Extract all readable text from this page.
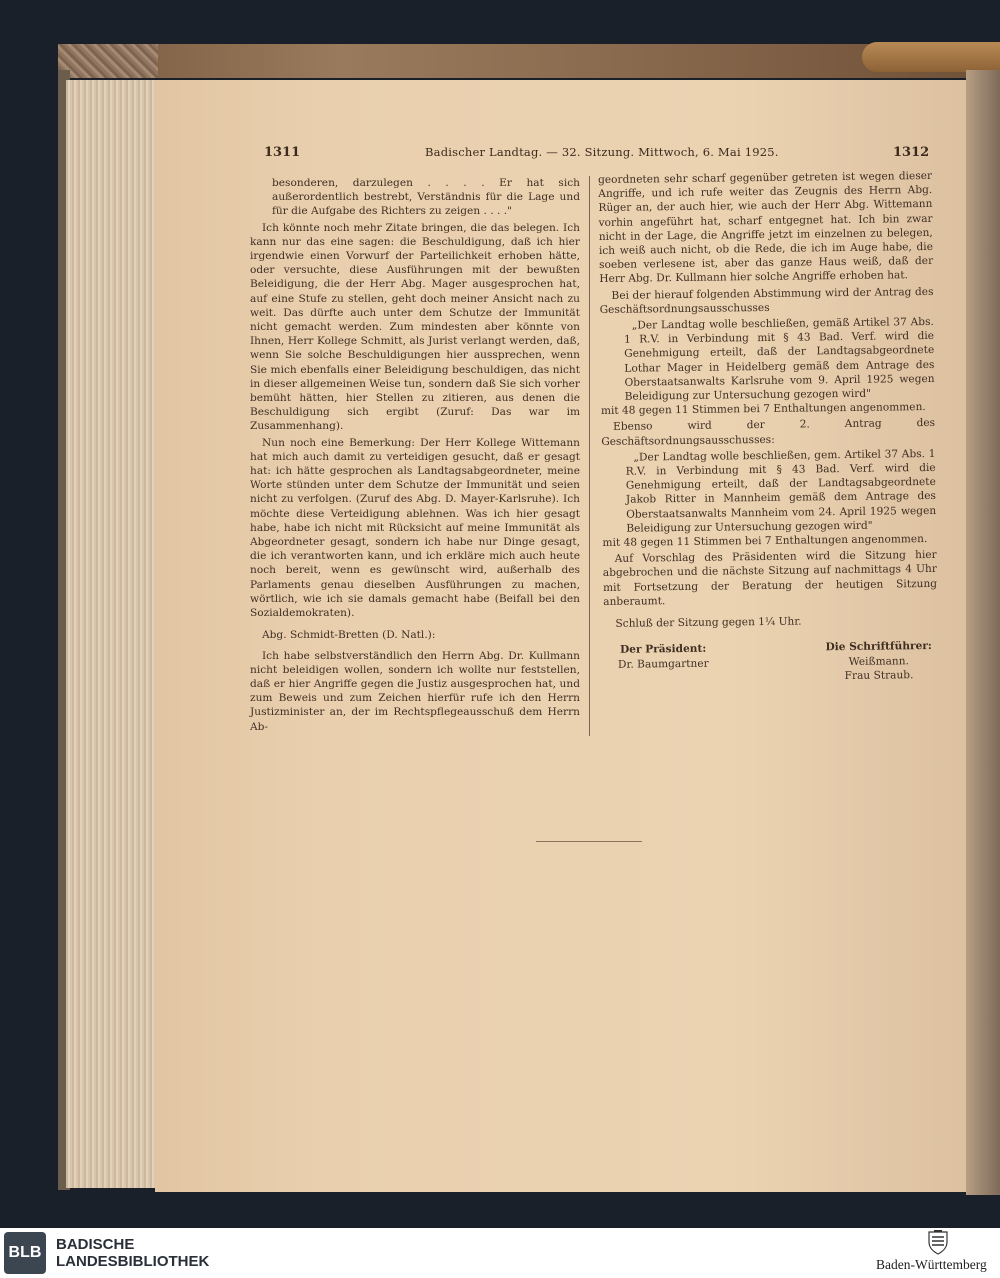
1311	Badischer Landtag. — 32. Sitzung. Mittwoch, 6. Mai 1925.	1312

besonderen, darzulegen . . . . Er hat sich außerordentlich bestrebt, Verständnis für die Lage und für die Aufgabe des Richters zu zeigen . . . ."

Ich könnte noch mehr Zitate bringen, die das belegen. Ich kann nur das eine sagen: die Beschuldigung, daß ich hier irgendwie einen Vorwurf der Parteilichkeit erhoben hätte, oder versuchte, diese Ausführungen mit der bewußten Beleidigung, die der Herr Abg. Mager ausgesprochen hat, auf eine Stufe zu stellen, geht doch meiner Ansicht nach zu weit. Das dürfte auch unter dem Schutze der Immunität nicht gemacht werden. Zum mindesten aber könnte von Ihnen, Herr Kollege Schmitt, als Jurist verlangt werden, daß, wenn Sie solche Beschuldigungen hier aussprechen, wenn Sie mich ebenfalls einer Beleidigung beschuldigen, das nicht in dieser allgemeinen Weise tun, sondern daß Sie sich vorher bemüht hätten, hier Stellen zu zitieren, aus denen die Beschuldigung sich ergibt (Zuruf: Das war im Zusammenhang).

Nun noch eine Bemerkung: Der Herr Kollege Wittemann hat mich auch damit zu verteidigen gesucht, daß er gesagt hat: ich hätte gesprochen als Landtagsabgeordneter, meine Worte stünden unter dem Schutze der Immunität und seien nicht zu verfolgen. (Zuruf des Abg. D. Mayer-Karlsruhe). Ich möchte diese Verteidigung ablehnen. Was ich hier gesagt habe, habe ich nicht mit Rücksicht auf meine Immunität als Abgeordneter gesagt, sondern ich habe nur Dinge gesagt, die ich verantworten kann, und ich erkläre mich auch heute noch bereit, wenn es gewünscht wird, außerhalb des Parlaments genau dieselben Ausführungen zu machen, wörtlich, wie ich sie damals gemacht habe (Beifall bei den Sozialdemokraten).

Abg. Schmidt-Bretten (D. Natl.):

Ich habe selbstverständlich den Herrn Abg. Dr. Kullmann nicht beleidigen wollen, sondern ich wollte nur feststellen, daß er hier Angriffe gegen die Justiz ausgesprochen hat, und zum Beweis und zum Zeichen hierfür rufe ich den Herrn Justizminister an, der im Rechtspflegeausschuß dem Herrn Ab-

geordneten sehr scharf gegenüber getreten ist wegen dieser Angriffe, und ich rufe weiter das Zeugnis des Herrn Abg. Rüger an, der auch hier, wie auch der Herr Abg. Wittemann vorhin angeführt hat, scharf entgegnet hat. Ich bin zwar nicht in der Lage, die Angriffe jetzt im einzelnen zu belegen, ich weiß auch nicht, ob die Rede, die ich im Auge habe, die soeben verlesene ist, aber das ganze Haus weiß, daß der Herr Abg. Dr. Kullmann hier solche Angriffe erhoben hat.

Bei der hierauf folgenden Abstimmung wird der Antrag des Geschäftsordnungsausschusses

„Der Landtag wolle beschließen, gemäß Artikel 37 Abs. 1 R.V. in Verbindung mit § 43 Bad. Verf. wird die Genehmigung erteilt, daß der Landtagsabgeordnete Lothar Mager in Heidelberg gemäß dem Antrage des Oberstaatsanwalts Karlsruhe vom 9. April 1925 wegen Beleidigung zur Untersuchung gezogen wird"

mit 48 gegen 11 Stimmen bei 7 Enthaltungen angenommen.

Ebenso wird der 2. Antrag des Geschäftsordnungsausschusses:

„Der Landtag wolle beschließen, gem. Artikel 37 Abs. 1 R.V. in Verbindung mit § 43 Bad. Verf. wird die Genehmigung erteilt, daß der Landtagsabgeordnete Jakob Ritter in Mannheim gemäß dem Antrage des Oberstaatsanwalts Mannheim vom 24. April 1925 wegen Beleidigung zur Untersuchung gezogen wird"

mit 48 gegen 11 Stimmen bei 7 Enthaltungen angenommen.

Auf Vorschlag des Präsidenten wird die Sitzung hier abgebrochen und die nächste Sitzung auf nachmittags 4 Uhr mit Fortsetzung der Beratung der heutigen Sitzung anberaumt.

Schluß der Sitzung gegen 1¼ Uhr.

Der Präsident:
Dr. Baumgartner
Die Schriftführer:
Weißmann.
Frau Straub.
BLB BADISCHE
LANDESBIBLIOTHEK	Baden-Württemberg
